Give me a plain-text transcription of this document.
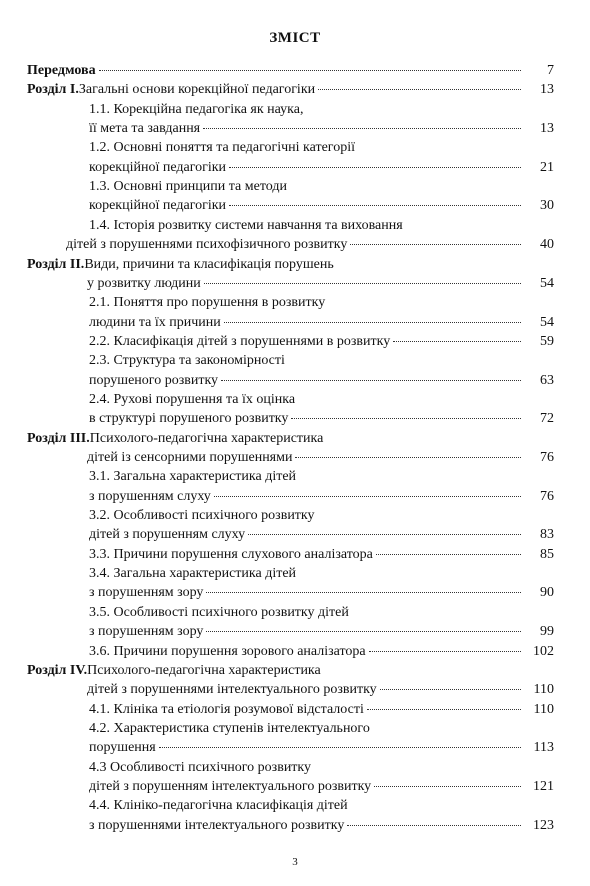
ЗМІСТ
Передмова	7
Розділ І. Загальні основи корекційної педагогіки	13
1.1. Корекційна педагогіка як наука,
її мета та завдання	13
1.2. Основні поняття та педагогічні категорії
корекційної педагогіки	21
1.3. Основні принципи та методи
корекційної педагогіки	30
1.4. Історія розвитку системи навчання та виховання
дітей з порушеннями психофізичного розвитку	40
Розділ ІІ. Види, причини та класифікація порушень
у розвитку людини	54
2.1. Поняття про порушення в розвитку
людини та їх причини	54
2.2. Класифікація дітей з порушеннями в розвитку	59
2.3. Структура та закономірності
порушеного розвитку	63
2.4. Рухові порушення та їх оцінка
в структурі порушеного розвитку	72
Розділ ІІІ. Психолого-педагогічна характеристика
дітей із сенсорними порушеннями	76
3.1. Загальна характеристика дітей
з порушенням слуху	76
3.2. Особливості психічного розвитку
дітей з порушенням слуху	83
3.3. Причини порушення слухового аналізатора	85
3.4. Загальна характеристика дітей
з порушенням зору	90
3.5. Особливості психічного розвитку дітей
з порушенням зору	99
3.6. Причини порушення зорового аналізатора	102
Розділ IV. Психолого-педагогічна характеристика
дітей з порушеннями інтелектуального розвитку	110
4.1. Клініка та етіологія розумової відсталості	110
4.2. Характеристика ступенів інтелектуального
порушення	113
4.3 Особливості психічного розвитку
дітей з порушенням інтелектуального розвитку	121
4.4. Клініко-педагогічна класифікація дітей
з порушеннями інтелектуального розвитку	123
3
